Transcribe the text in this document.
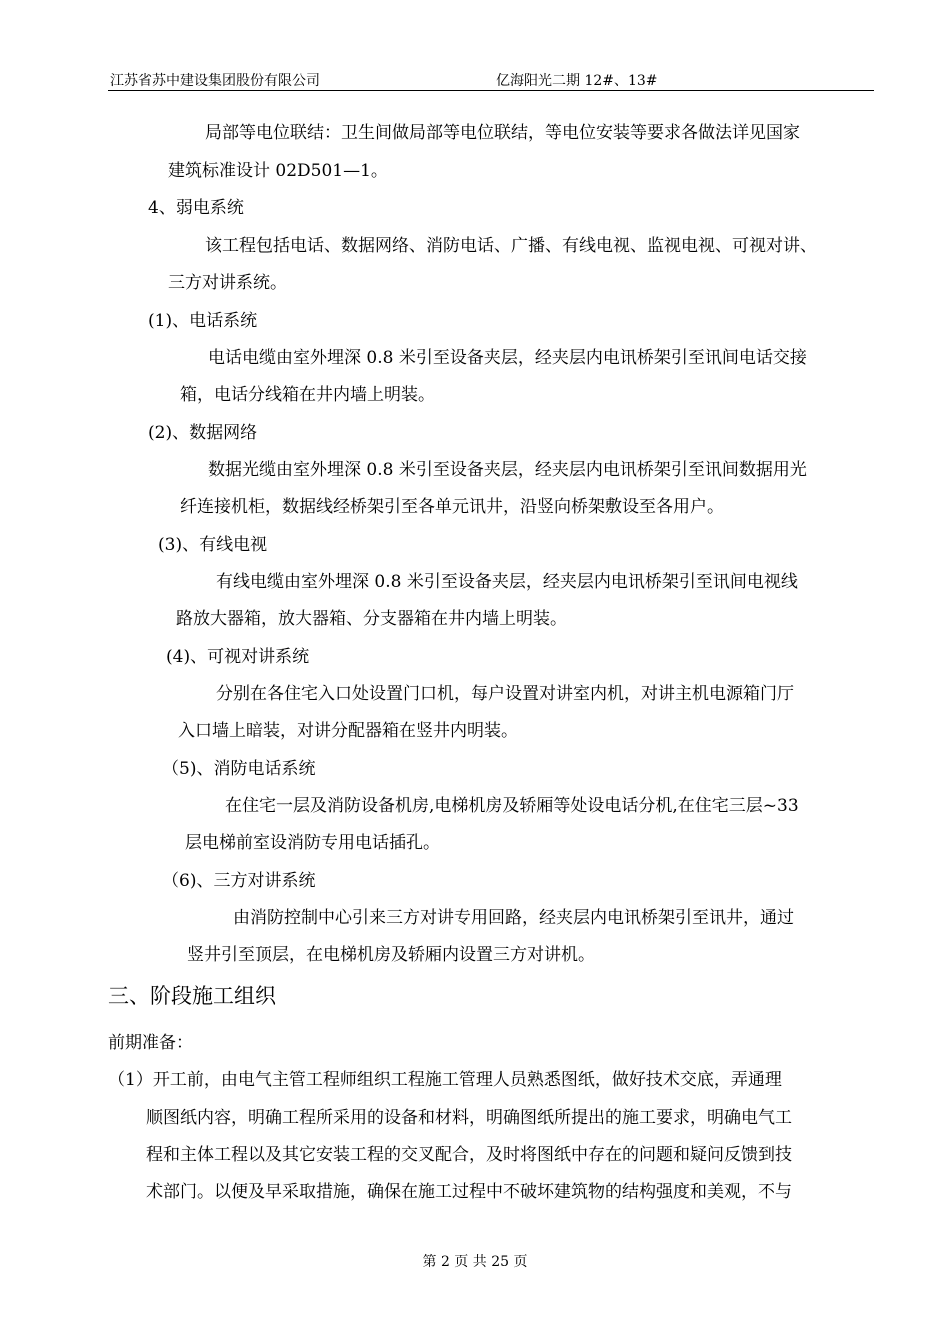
江苏省苏中建设集团股份有限公司	亿海阳光二期 12#、13#
局部等电位联结：卫生间做局部等电位联结，等电位安装等要求各做法详见国家
建筑标准设计 02D501—1。
4、弱电系统
该工程包括电话、数据网络、消防电话、广播、有线电视、监视电视、可视对讲、
三方对讲系统。
(1)、电话系统
电话电缆由室外埋深 0.8 米引至设备夹层，经夹层内电讯桥架引至讯间电话交接
箱，电话分线箱在井内墙上明装。
(2)、数据网络
数据光缆由室外埋深 0.8 米引至设备夹层，经夹层内电讯桥架引至讯间数据用光
纤连接机柜，数据线经桥架引至各单元讯井，沿竖向桥架敷设至各用户。
(3)、有线电视
有线电缆由室外埋深 0.8 米引至设备夹层，经夹层内电讯桥架引至讯间电视线
路放大器箱，放大器箱、分支器箱在井内墙上明装。
(4)、可视对讲系统
分别在各住宅入口处设置门口机，每户设置对讲室内机，对讲主机电源箱门厅
入口墙上暗装，对讲分配器箱在竖井内明装。
（5)、消防电话系统
在住宅一层及消防设备机房,电梯机房及轿厢等处设电话分机,在住宅三层~33
层电梯前室设消防专用电话插孔。
（6)、三方对讲系统
由消防控制中心引来三方对讲专用回路，经夹层内电讯桥架引至讯井，通过
竖井引至顶层，在电梯机房及轿厢内设置三方对讲机。
三、阶段施工组织
前期准备：
（1）开工前，由电气主管工程师组织工程施工管理人员熟悉图纸，做好技术交底，弄通理
顺图纸内容，明确工程所采用的设备和材料，明确图纸所提出的施工要求，明确电气工
程和主体工程以及其它安装工程的交叉配合，及时将图纸中存在的问题和疑问反馈到技
术部门。以便及早采取措施，确保在施工过程中不破坏建筑物的结构强度和美观，不与
第 2 页 共 25 页
